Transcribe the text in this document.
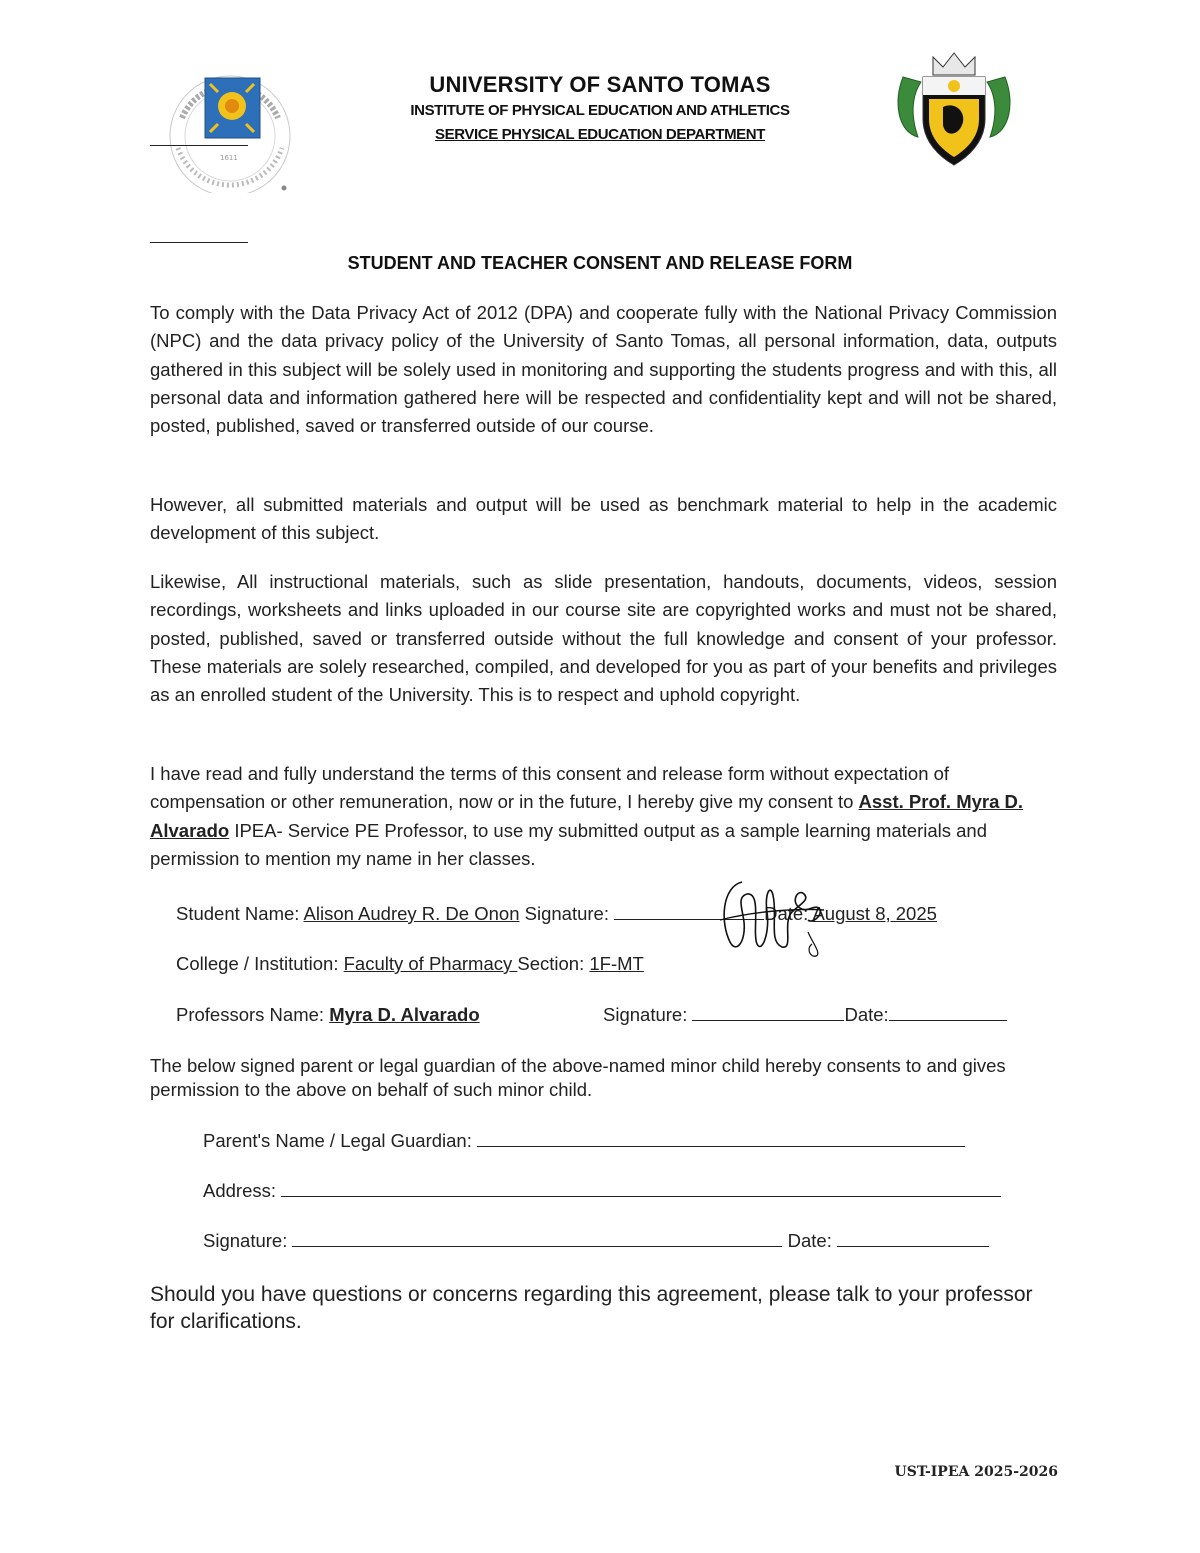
1611
UNIVERSITY OF SANTO TOMAS
INSTITUTE OF PHYSICAL EDUCATION AND ATHLETICS
SERVICE PHYSICAL EDUCATION DEPARTMENT
STUDENT AND TEACHER CONSENT AND RELEASE FORM
To comply with the Data Privacy Act of 2012 (DPA) and cooperate fully with the National Privacy Commission (NPC) and the data privacy policy of the University of Santo Tomas, all personal information, data, outputs gathered in this subject will be solely used in monitoring and supporting the students progress and with this, all personal data and information gathered here will be respected and confidentiality kept and will not be shared, posted, published, saved or transferred outside of our course.
However, all submitted materials and output will be used as benchmark material to help in the academic development of this subject.
Likewise, All instructional materials, such as slide presentation, handouts, documents, videos, session recordings, worksheets and links uploaded in our course site are copyrighted works and must not be shared, posted, published, saved or transferred outside without the full knowledge and consent of your professor. These materials are solely researched, compiled, and developed for you as part of your benefits and privileges as an enrolled student of the University. This is to respect and uphold copyright.
I have read and fully understand the terms of this consent and release form without expectation of compensation or other remuneration, now or in the future, I hereby give my consent to Asst. Prof. Myra D. Alvarado IPEA- Service PE Professor, to use my submitted output as a sample learning materials and permission to mention my name in her classes.
Student Name: Alison Audrey R. De Onon Signature:	Date: August 8, 2025
College / Institution: Faculty of Pharmacy Section: 1F-MT
Professors Name: Myra D. Alvarado	Signature:	Date:
The below signed parent or legal guardian of the above-named minor child hereby consents to and gives permission to the above on behalf of such minor child.
Parent's Name / Legal Guardian:
Address:
Signature:	Date:
Should you have questions or concerns regarding this agreement, please talk to your professor for clarifications.
UST-IPEA 2025-2026
